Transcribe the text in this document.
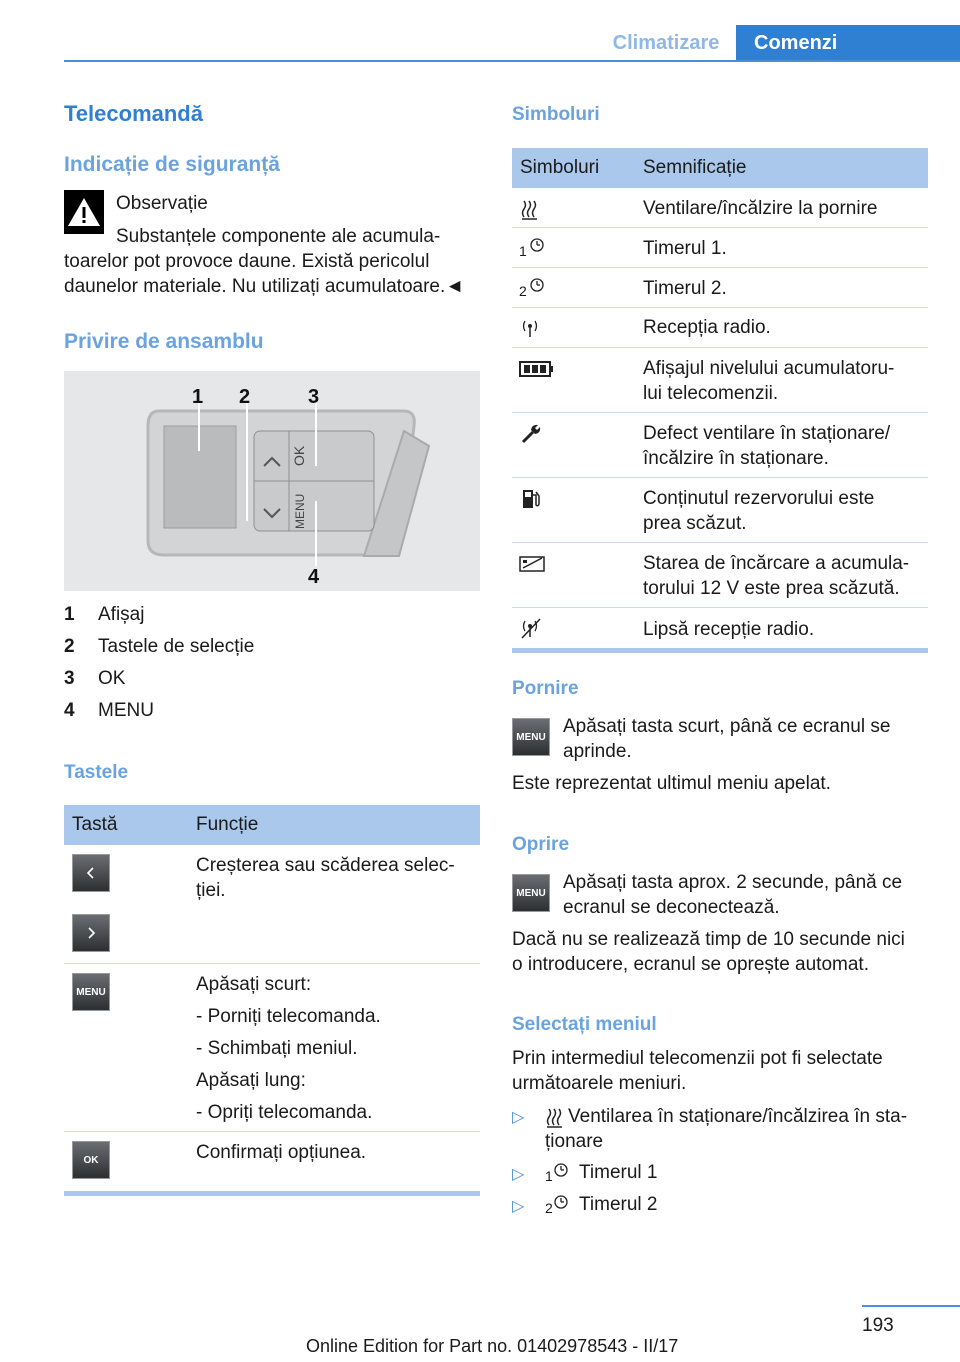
Climatizare	Comenzi
Telecomandă
Indicație de siguranță
Observație
Substanțele componente ale acumula-
toarelor pot provoce daune. Există pericolul
daunelor materiale. Nu utilizați acumulatoare.◄
Privire de ansamblu
OK
MENU
1 2	3
4
1 Afișaj
2 Tastele de selecție
3 OK
4 MENU
Tastele
Tastă	Funcție
Creșterea sau scăderea selec-
ției.
MENU	Apăsați scurt:
- Porniți telecomanda.
- Schimbați meniul.
Apăsați lung:
- Opriți telecomanda.
OK	Confirmați opțiunea.
Simboluri
Simboluri Semnificație
Ventilare/încălzire la pornire
1	Timerul 1.
2	Timerul 2.
Recepția radio.
Afișajul nivelului acumulatoru-
lui telecomenzii.
Defect ventilare în staționare/
încălzire în staționare.
Conținutul rezervorului este
prea scăzut.
Starea de încărcare a acumula-
torului 12 V este prea scăzută.
Lipsă recepție radio.
Pornire
MENU Apăsați tasta scurt, până ce ecranul se
aprinde.
Este reprezentat ultimul meniu apelat.
Oprire
MENU Apăsați tasta aprox. 2 secunde, până ce
ecranul se deconectează.
Dacă nu se realizează timp de 10 secunde nici
o introducere, ecranul se oprește automat.
Selectați meniul
Prin intermediul telecomenzii pot fi selectate
următoarele meniuri.
▷ Ventilarea în staționare/încălzirea în sta-
ționare
▷ 1 Timerul 1
▷ 2 Timerul 2
193
Online Edition for Part no. 01402978543 - II/17
